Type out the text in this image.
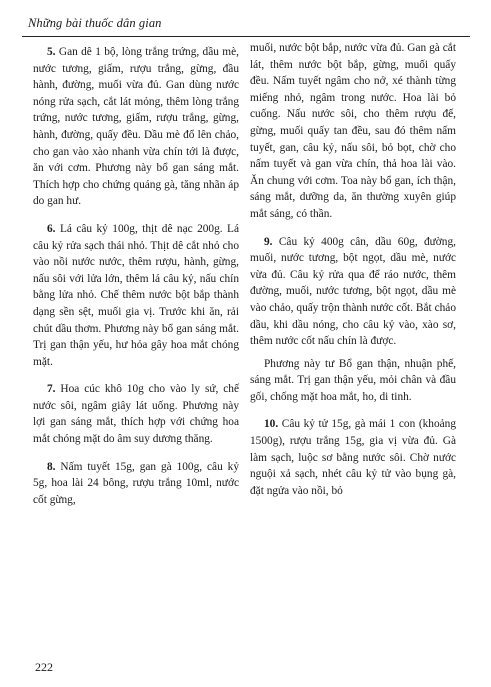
Những bài thuốc dân gian

5. Gan dê 1 bộ, lòng trắng trứng, dầu mè, nước tương, giấm, rượu trắng, gừng, đầu hành, đường, muối vừa đủ. Gan dùng nước nóng rửa sạch, cắt lát mỏng, thêm lòng trắng trứng, nước tương, giấm, rượu trắng, gừng, hành, đường, quấy đều. Dầu mè đổ lên chảo, cho gan vào xào nhanh vừa chín tới là được, ăn với cơm. Phương này bổ gan sáng mắt. Thích hợp cho chứng quáng gà, tăng nhãn áp do gan hư.

6. Lá câu kỷ 100g, thịt dê nạc 200g. Lá câu kỷ rửa sạch thái nhỏ. Thịt dê cắt nhỏ cho vào nồi nước nước, thêm rượu, hành, gừng, nấu sôi với lửa lớn, thêm lá câu kỷ, nấu chín bằng lửa nhỏ. Chế thêm nước bột bắp thành dạng sền sệt, muối gia vị. Trước khi ăn, rải chút dầu thơm. Phương này bổ gan sáng mắt. Trị gan thận yếu, hư hỏa gây hoa mắt chóng mặt.

7. Hoa cúc khô 10g cho vào ly sứ, chế nước sôi, ngâm giây lát uống. Phương này lợi gan sáng mắt, thích hợp với chứng hoa mắt chóng mặt do âm suy dương thăng.

8. Nấm tuyết 15g, gan gà 100g, câu kỷ 5g, hoa lài 24 bông, rượu trắng 10ml, nước cốt gừng,

muối, nước bột bắp, nước vừa đủ. Gan gà cắt lát, thêm nước bột bắp, gừng, muối quấy đều. Nấm tuyết ngâm cho nở, xé thành từng miếng nhỏ, ngâm trong nước. Hoa lài bỏ cuống. Nấu nước sôi, cho thêm rượu đế, gừng, muối quấy tan đều, sau đó thêm nấm tuyết, gan, câu kỷ, nấu sôi, bỏ bọt, chờ cho nấm tuyết và gan vừa chín, thả hoa lài vào. Ăn chung với cơm. Toa này bổ gan, ích thận, sáng mắt, dưỡng da, ăn thường xuyên giúp mắt sáng, có thần.

9. Câu kỷ 400g cân, dầu 60g, đường, muối, nước tương, bột ngọt, dầu mè, nước vừa đủ. Câu kỷ rửa qua để ráo nước, thêm đường, muối, nước tương, bột ngọt, dầu mè vào chảo, quấy trộn thành nước cốt. Bắt chảo dầu, khi dầu nóng, cho câu kỷ vào, xào sơ, thêm nước cốt nấu chín là được.

Phương này tư Bổ gan thận, nhuận phế, sáng mắt. Trị gan thận yếu, mỏi chân và đầu gối, chống mặt hoa mắt, ho, di tinh.

10. Câu kỷ tử 15g, gà mái 1 con (khoảng 1500g), rượu trắng 15g, gia vị vừa đủ. Gà làm sạch, luộc sơ bằng nước sôi. Chờ nước nguội xả sạch, nhét câu kỷ tử vào bụng gà, đặt ngửa vào nồi, bỏ

222
